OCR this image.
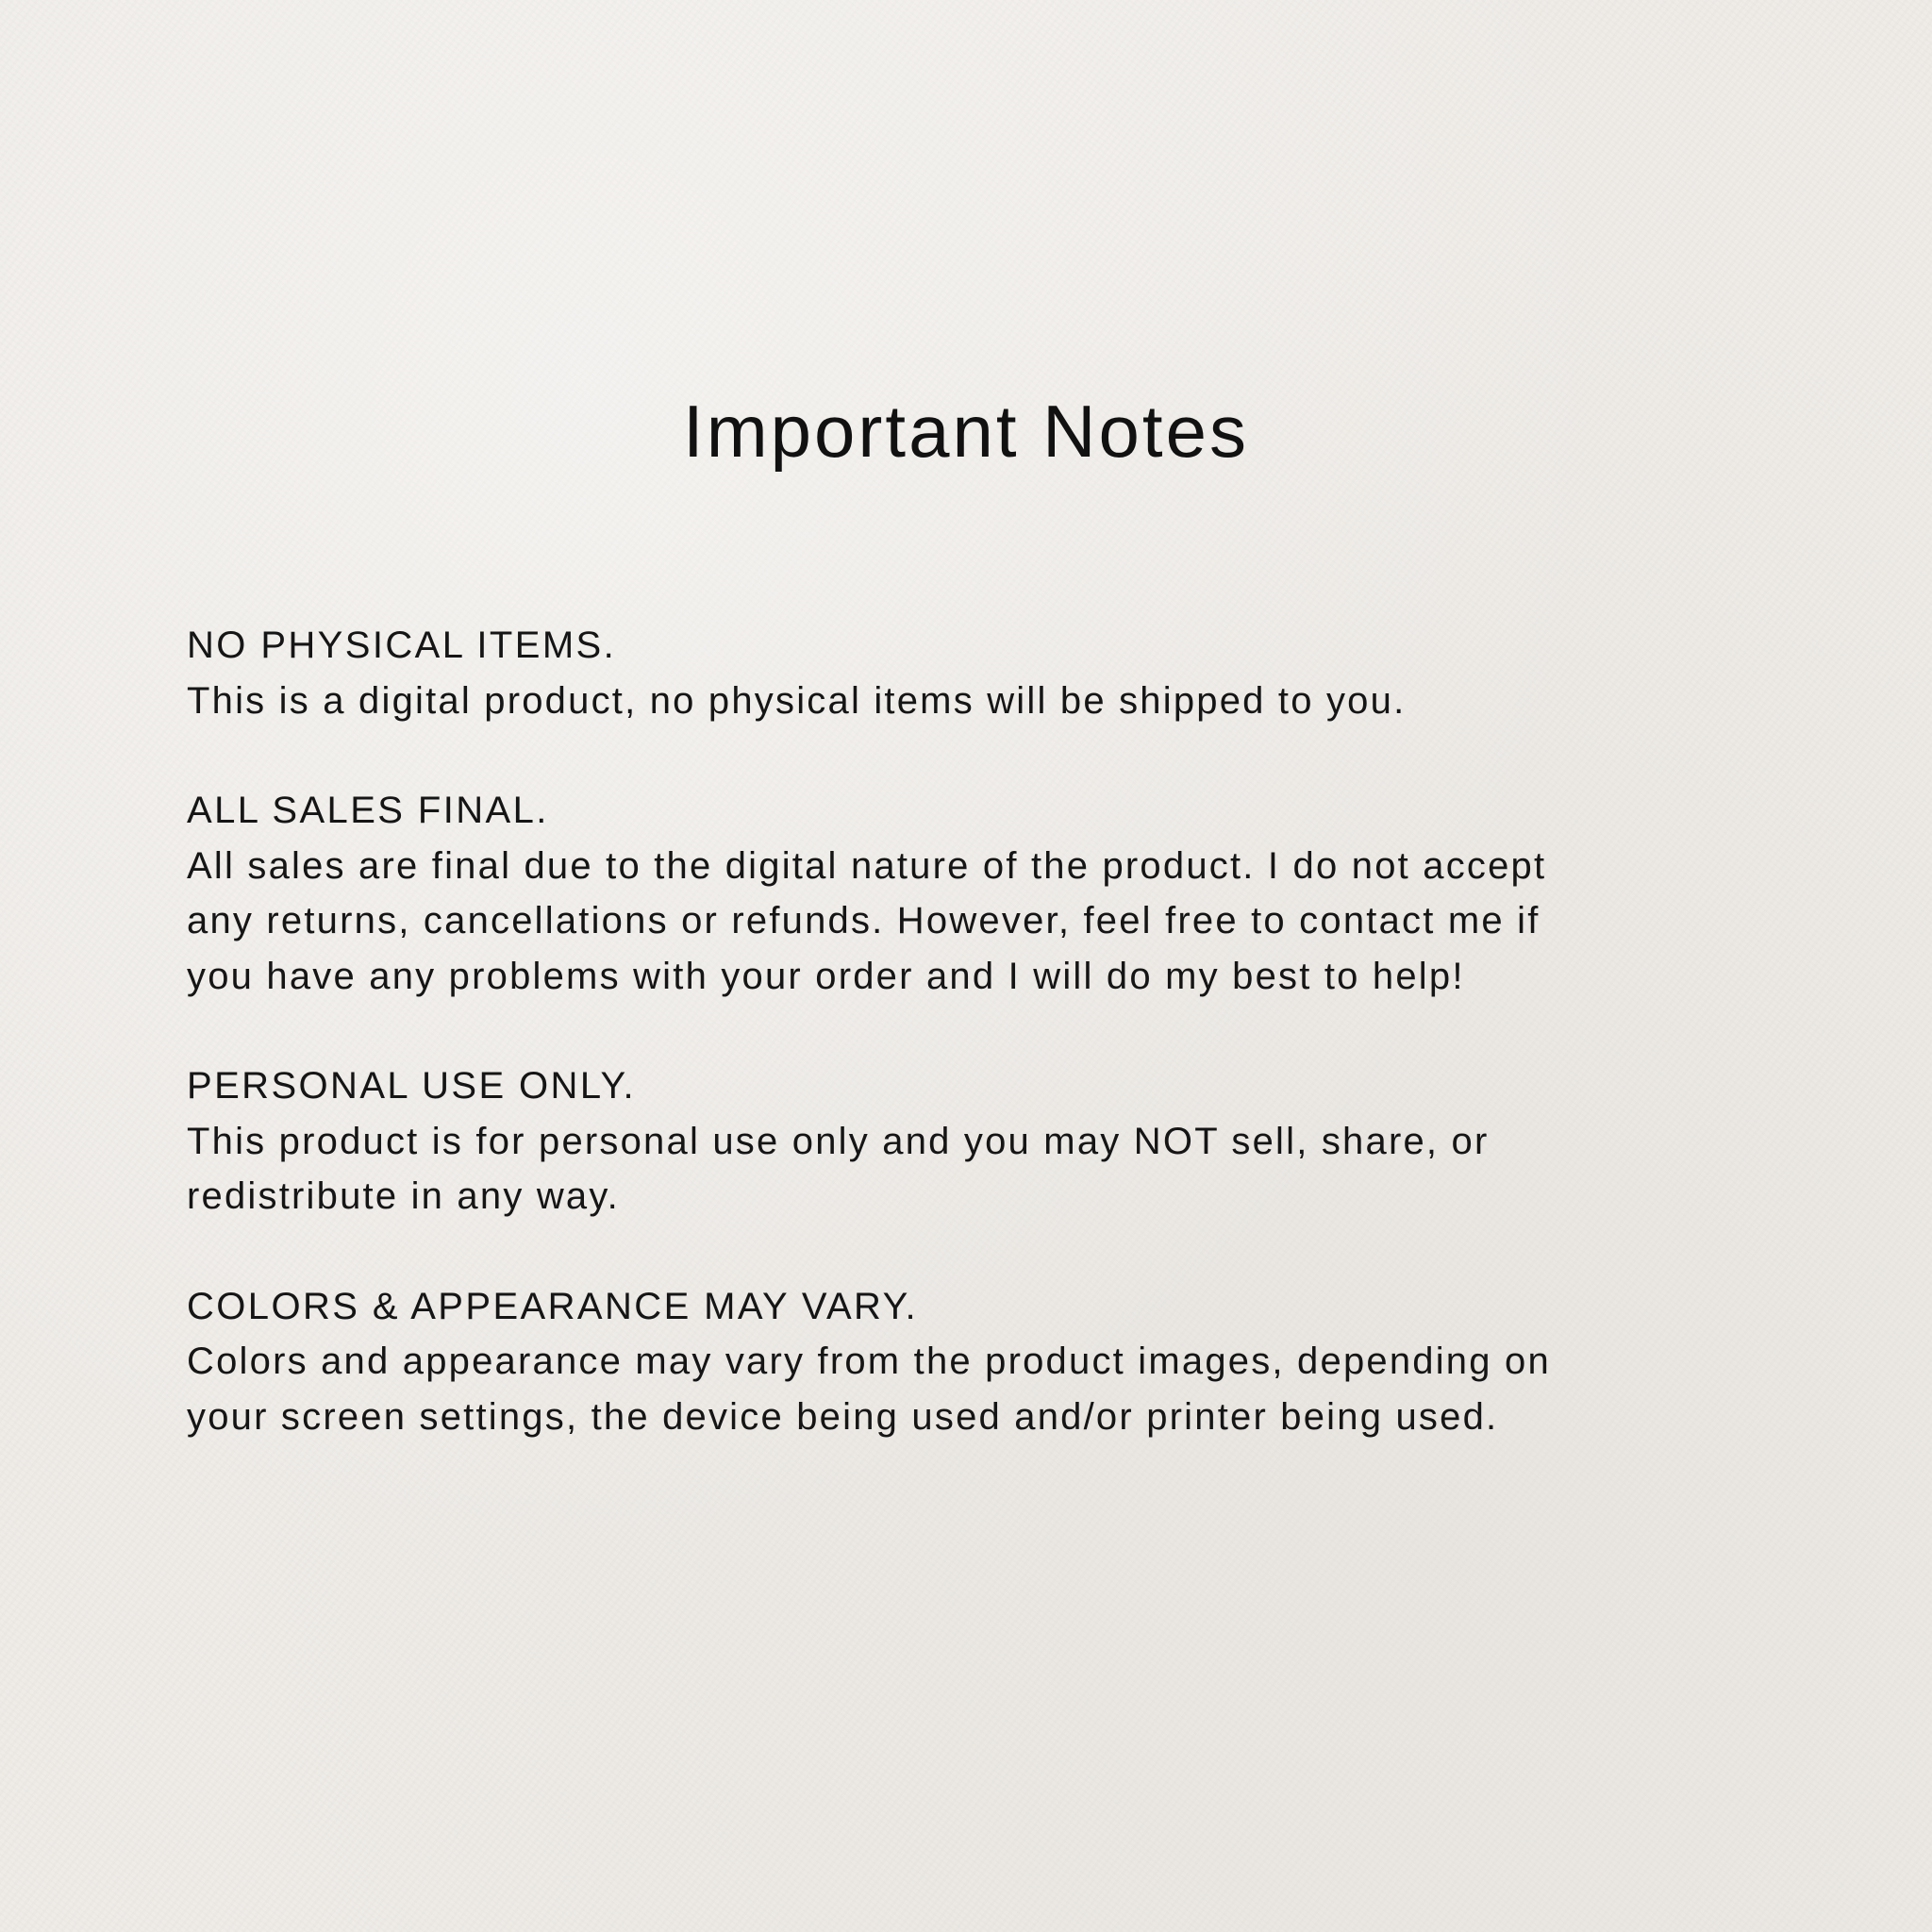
Important Notes

NO PHYSICAL ITEMS.

This is a digital product, no physical items will be shipped to you.

ALL SALES FINAL.

All sales are final due to the digital nature of the product. I do not accept

any returns, cancellations or refunds. However, feel free to contact me if

you have any problems with your order and I will do my best to help!

PERSONAL USE ONLY.

This product is for personal use only and you may NOT sell, share, or

redistribute in any way.

COLORS & APPEARANCE MAY VARY.

Colors and appearance may vary from the product images, depending on

your screen settings, the device being used and/or printer being used.
